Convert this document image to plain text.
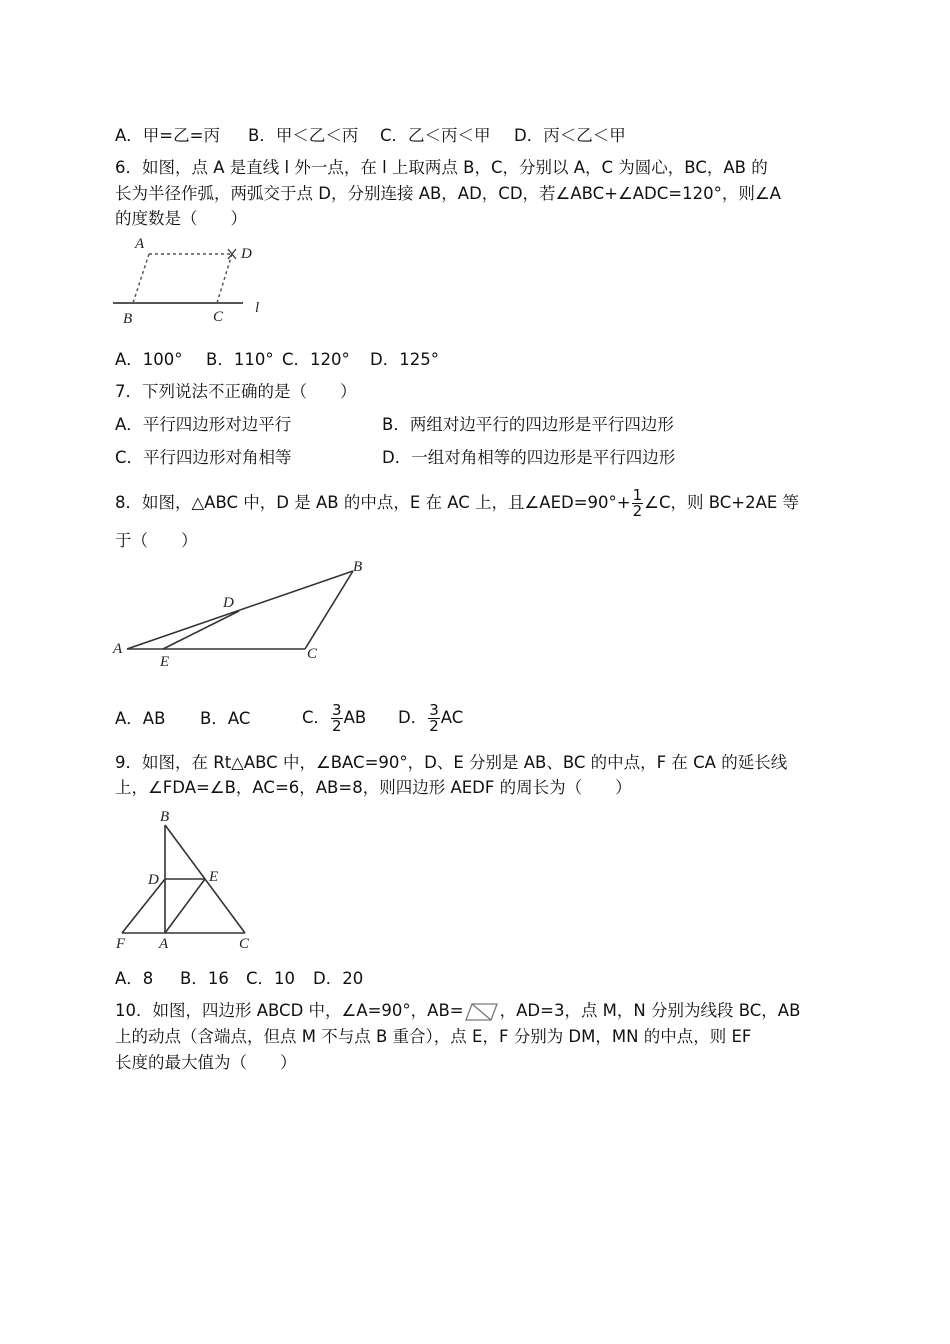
A．甲=乙=丙 B．甲＜乙＜丙 C．乙＜丙＜甲 D．丙＜乙＜甲
6．如图，点 A 是直线 l 外一点，在 l 上取两点 B，C，分别以 A，C 为圆心，BC，AB 的
长为半径作弧，两弧交于点 D，分别连接 AB，AD，CD，若∠ABC+∠ADC=120°，则∠A
的度数是（　　）
A
D
B	C
l
A．100° B．110° C．120° D．125°
7．下列说法不正确的是（　　）
A．平行四边形对边平行	B．两组对边平行的四边形是平行四边形
C．平行四边形对角相等	D．一组对角相等的四边形是平行四边形
8．如图，△ABC 中，D 是 AB 的中点，E 在 AC 上，且∠AED=90°+ $\frac{1}{2}$ ∠C，则 BC+2AE 等
于（　　）
B
D
A
E	C
A．AB B．AC	C． $\frac{3}{2}$ AB D． $\frac{3}{2}$ AC
9．如图，在 Rt△ABC 中，∠BAC=90°，D、E 分别是 AB、BC 的中点，F 在 CA 的延长线
上，∠FDA=∠B，AC=6，AB=8，则四边形 AEDF 的周长为（　　）
B
D	E
F A	C
A．8 B．16 C．10 D．20
10．如图，四边形 ABCD 中，∠A=90°，AB= ，AD=3，点 M，N 分别为线段 BC，AB
上的动点（含端点，但点 M 不与点 B 重合），点 E，F 分别为 DM，MN 的中点，则 EF
长度的最大值为（　　）
